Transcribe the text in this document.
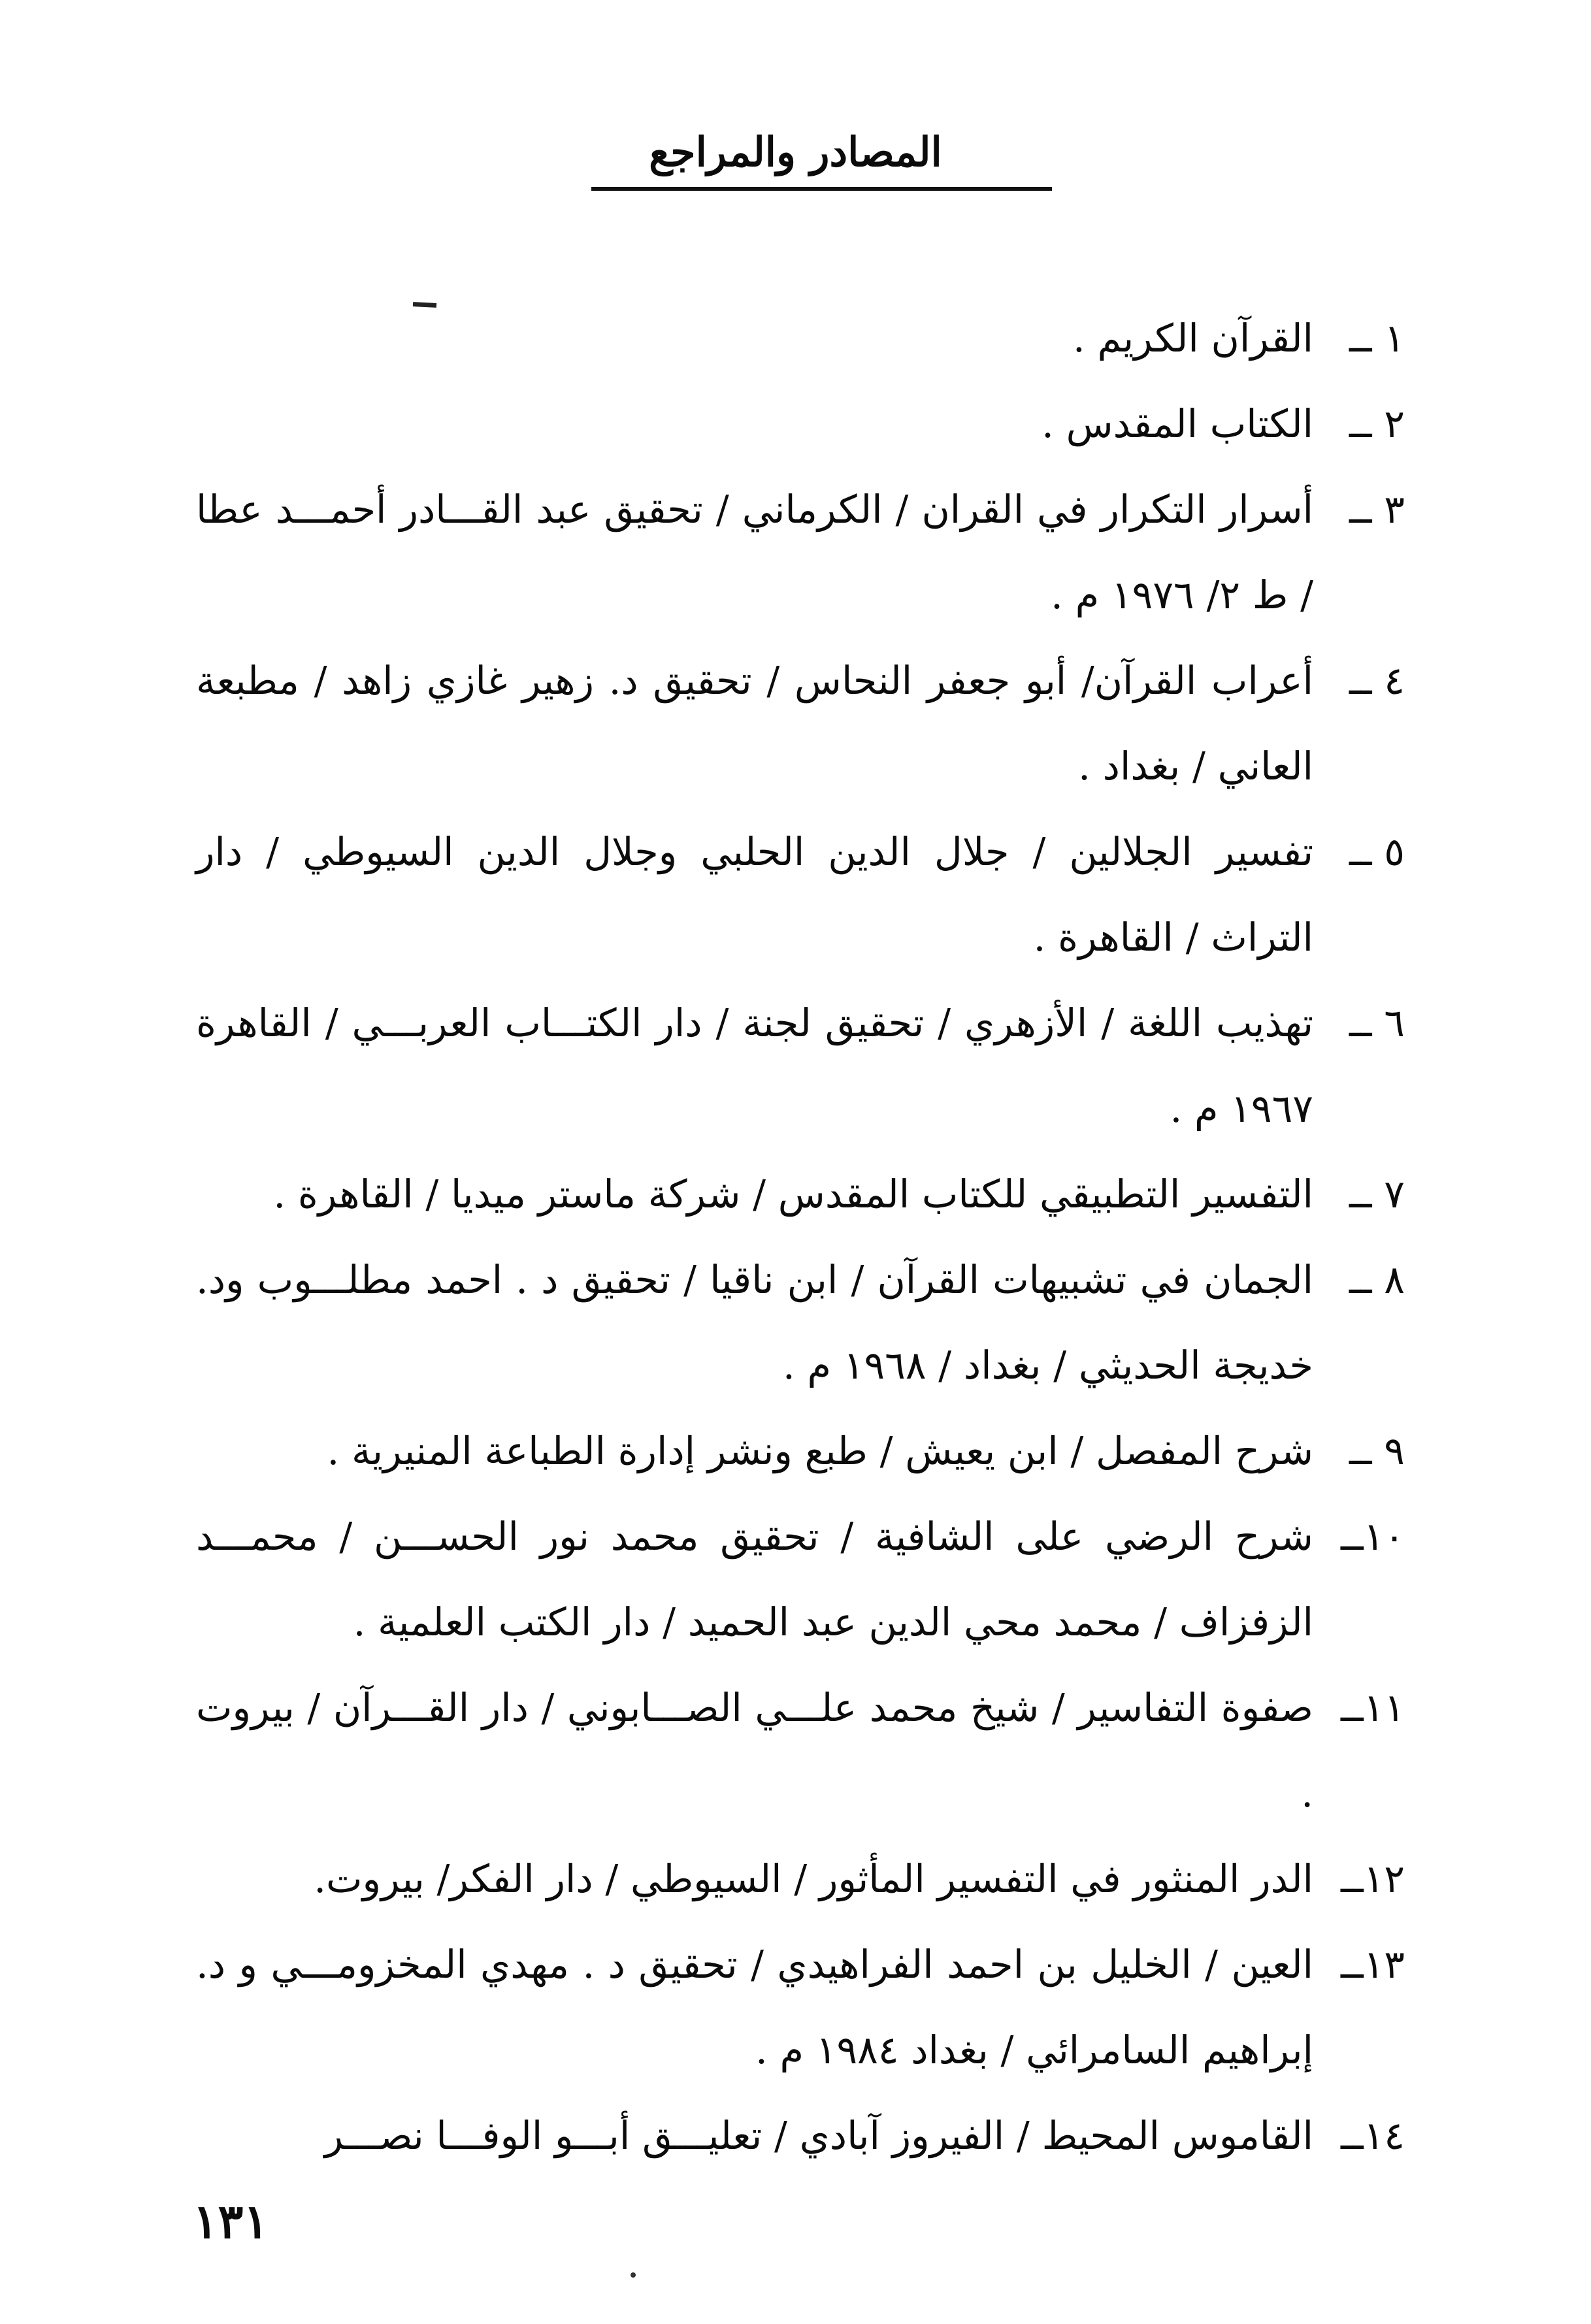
المصادر والمراجع
١ ــ
القرآن الكريم .
٢ ــ
الكتاب المقدس .
٣ ــ
أسرار التكرار في القران / الكرماني / تحقيق عبد القـــادر أحمـــد عطا / ط ٢/ ١٩٧٦ م .
٤ ــ
أعراب القرآن/ أبو جعفر النحاس / تحقيق د. زهير غازي زاهد / مطبعة العاني / بغداد .
٥ ــ
تفسير الجلالين / جلال الدين الحلبي وجلال الدين السيوطي / دار التراث / القاهرة .
٦ ــ
تهذيب اللغة / الأزهري / تحقيق لجنة / دار الكتـــاب العربـــي / القاهرة ١٩٦٧ م .
٧ ــ
التفسير التطبيقي للكتاب المقدس / شركة ماستر ميديا / القاهرة .
٨ ــ
الجمان في تشبيهات القرآن / ابن ناقيا / تحقيق د . احمد مطلـــوب ود. خديجة الحديثي / بغداد / ١٩٦٨ م .
٩ ــ
شرح المفصل / ابن يعيش / طبع ونشر إدارة الطباعة المنيرية .
١٠ــ
شرح الرضي على الشافية / تحقيق محمد نور الحســـن / محمـــد الزفزاف / محمد محي الدين عبد الحميد / دار الكتب العلمية .
١١ــ
صفوة التفاسير / شيخ محمد علـــي الصـــابوني / دار القـــرآن / بيروت .
١٢ــ
الدر المنثور في التفسير المأثور / السيوطي / دار الفكر/ بيروت.
١٣ــ
العين / الخليل بن احمد الفراهيدي / تحقيق د . مهدي المخزومـــي و د. إبراهيم السامرائي / بغداد ١٩٨٤ م .
١٤ــ
القاموس المحيط / الفيروز آبادي / تعليـــق أبـــو الوفـــا نصـــر
١٣١
